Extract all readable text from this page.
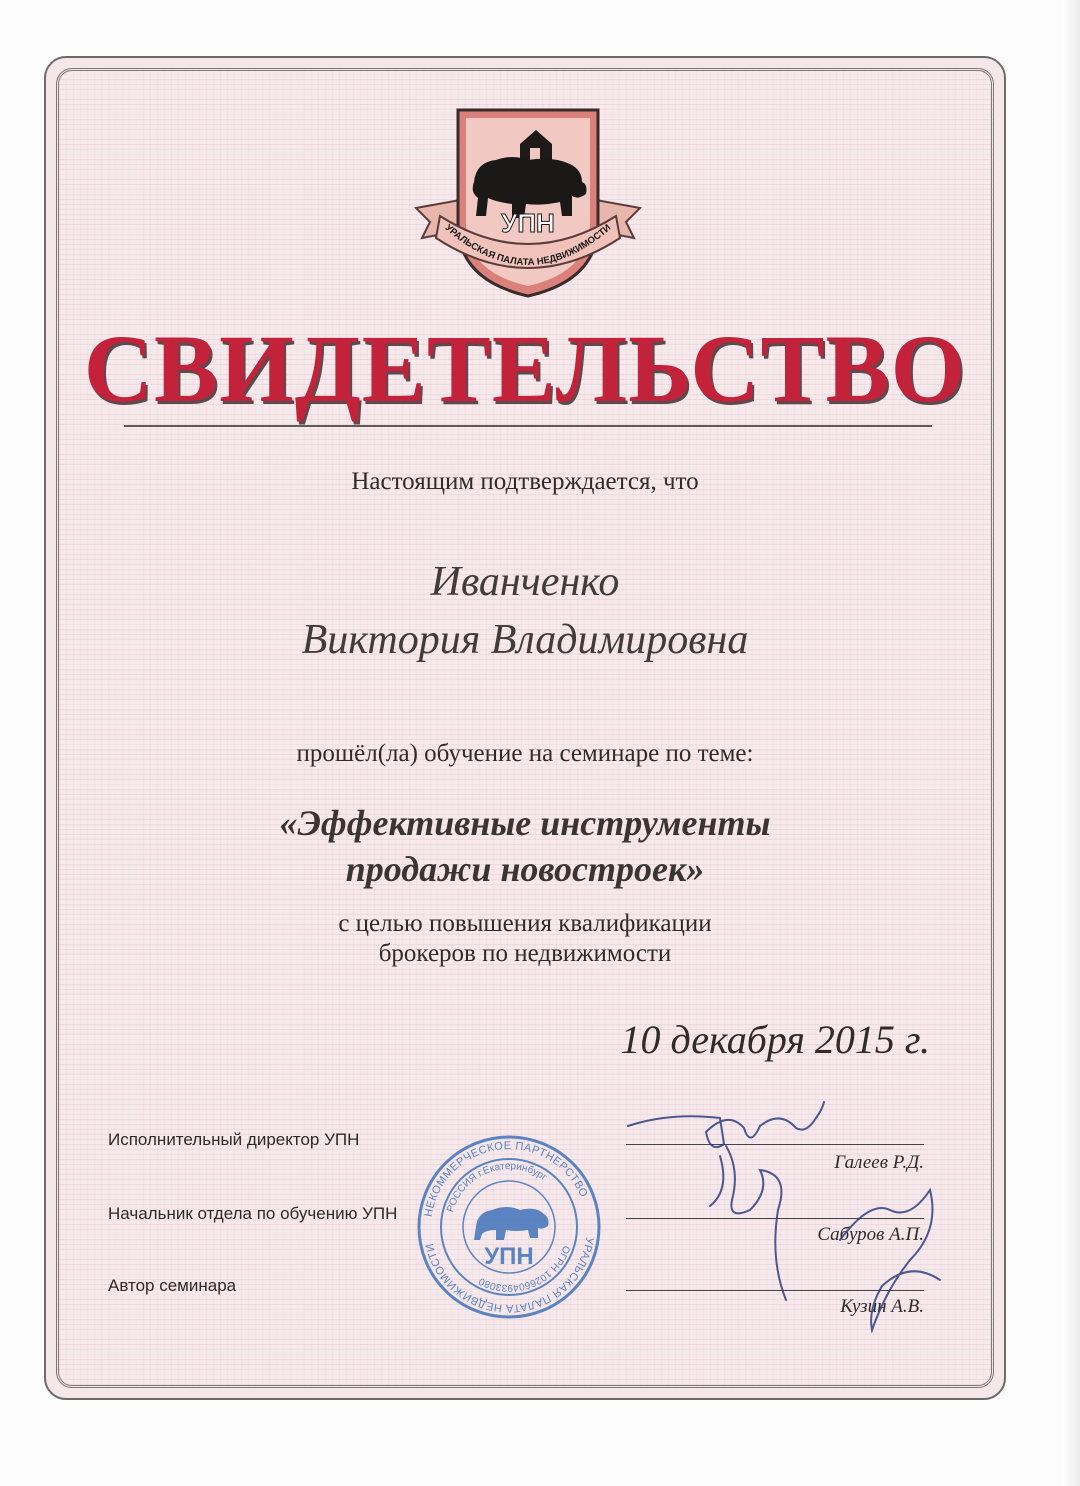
УПН
УРАЛЬСКАЯ ПАЛАТА НЕДВИЖИМОСТИ
СВИДЕТЕЛЬСТВО
Настоящим подтверждается, что
Иванченко
Виктория Владимировна
прошёл(ла) обучение на семинаре по теме:
«Эффективные инструменты
продажи новостроек»
с целью повышения квалификации
брокеров по недвижимости
10 декабря 2015 г.
Исполнительный директор УПН
Начальник отдела по обучению УПН
Автор семинара
Галеев Р.Д.
Сабуров А.П.
Кузин А.В.
НЕКОММЕРЧЕСКОЕ ПАРТНЕРСТВО
УРАЛЬСКАЯ ПАЛАТА НЕДВИЖИМОСТИ
РОССИЯ г.Екатеринбург
ОГРН 1026604933080
УПН
